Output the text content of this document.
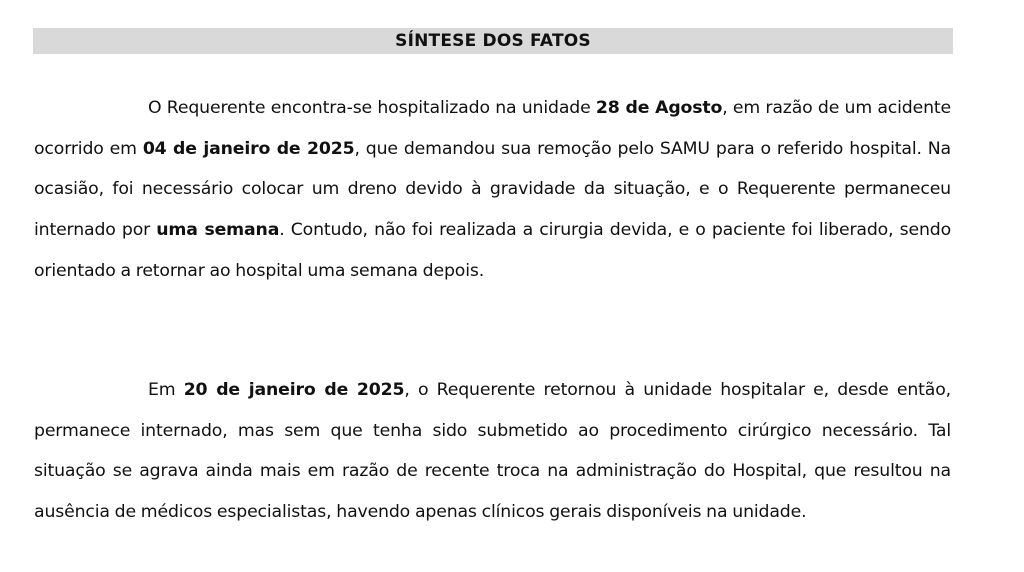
SÍNTESE DOS FATOS

O Requerente encontra-se hospitalizado na unidade 28 de Agosto, em razão de um acidente ocorrido em 04 de janeiro de 2025, que demandou sua remoção pelo SAMU para o referido hospital. Na ocasião, foi necessário colocar um dreno devido à gravidade da situação, e o Requerente permaneceu internado por uma semana. Contudo, não foi realizada a cirurgia devida, e o paciente foi liberado, sendo orientado a retornar ao hospital uma semana depois.

Em 20 de janeiro de 2025, o Requerente retornou à unidade hospitalar e, desde então, permanece internado, mas sem que tenha sido submetido ao procedimento cirúrgico necessário. Tal situação se agrava ainda mais em razão de recente troca na administração do Hospital, que resultou na ausência de médicos especialistas, havendo apenas clínicos gerais disponíveis na unidade.
